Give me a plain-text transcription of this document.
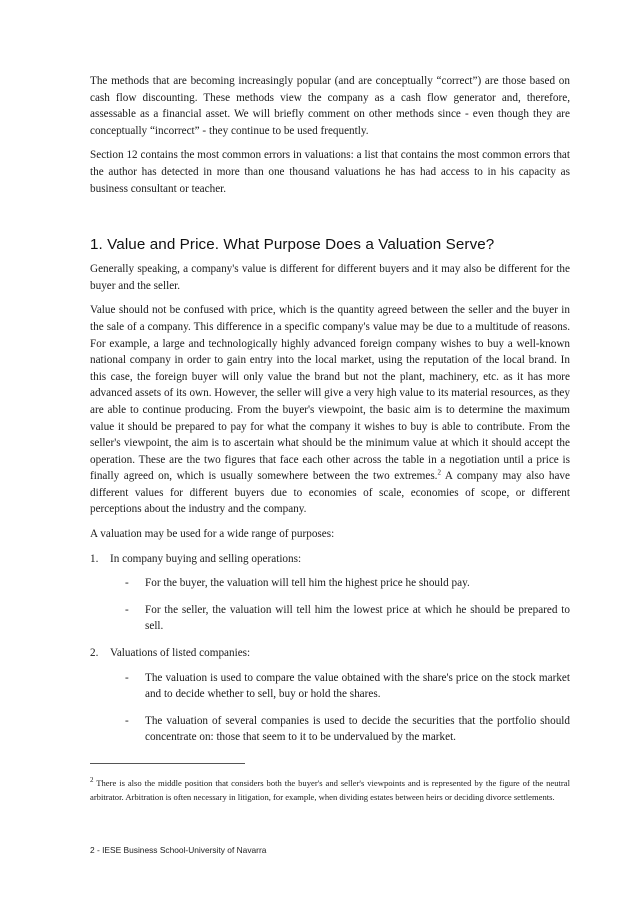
The methods that are becoming increasingly popular (and are conceptually “correct”) are those based on cash flow discounting. These methods view the company as a cash flow generator and, therefore, assessable as a financial asset. We will briefly comment on other methods since - even though they are conceptually “incorrect” - they continue to be used frequently.

Section 12 contains the most common errors in valuations: a list that contains the most common errors that the author has detected in more than one thousand valuations he has had access to in his capacity as business consultant or teacher.

1. Value and Price. What Purpose Does a Valuation Serve?

Generally speaking, a company's value is different for different buyers and it may also be different for the buyer and the seller.

Value should not be confused with price, which is the quantity agreed between the seller and the buyer in the sale of a company. This difference in a specific company's value may be due to a multitude of reasons. For example, a large and technologically highly advanced foreign company wishes to buy a well-known national company in order to gain entry into the local market, using the reputation of the local brand. In this case, the foreign buyer will only value the brand but not the plant, machinery, etc. as it has more advanced assets of its own. However, the seller will give a very high value to its material resources, as they are able to continue producing. From the buyer's viewpoint, the basic aim is to determine the maximum value it should be prepared to pay for what the company it wishes to buy is able to contribute. From the seller's viewpoint, the aim is to ascertain what should be the minimum value at which it should accept the operation. These are the two figures that face each other across the table in a negotiation until a price is finally agreed on, which is usually somewhere between the two extremes.$^2$ A company may also have different values for different buyers due to economies of scale, economies of scope, or different perceptions about the industry and the company.

A valuation may be used for a wide range of purposes:

1.	In company buying and selling operations:
-	For the buyer, the valuation will tell him the highest price he should pay.
-	For the seller, the valuation will tell him the lowest price at which he should be prepared to sell.
2.	Valuations of listed companies:
-	The valuation is used to compare the value obtained with the share's price on the stock market and to decide whether to sell, buy or hold the shares.
-	The valuation of several companies is used to decide the securities that the portfolio should concentrate on: those that seem to it to be undervalued by the market.
$^2$ There is also the middle position that considers both the buyer's and seller's viewpoints and is represented by the figure of the neutral arbitrator. Arbitration is often necessary in litigation, for example, when dividing estates between heirs or deciding divorce settlements.
2 - IESE Business School-University of Navarra
